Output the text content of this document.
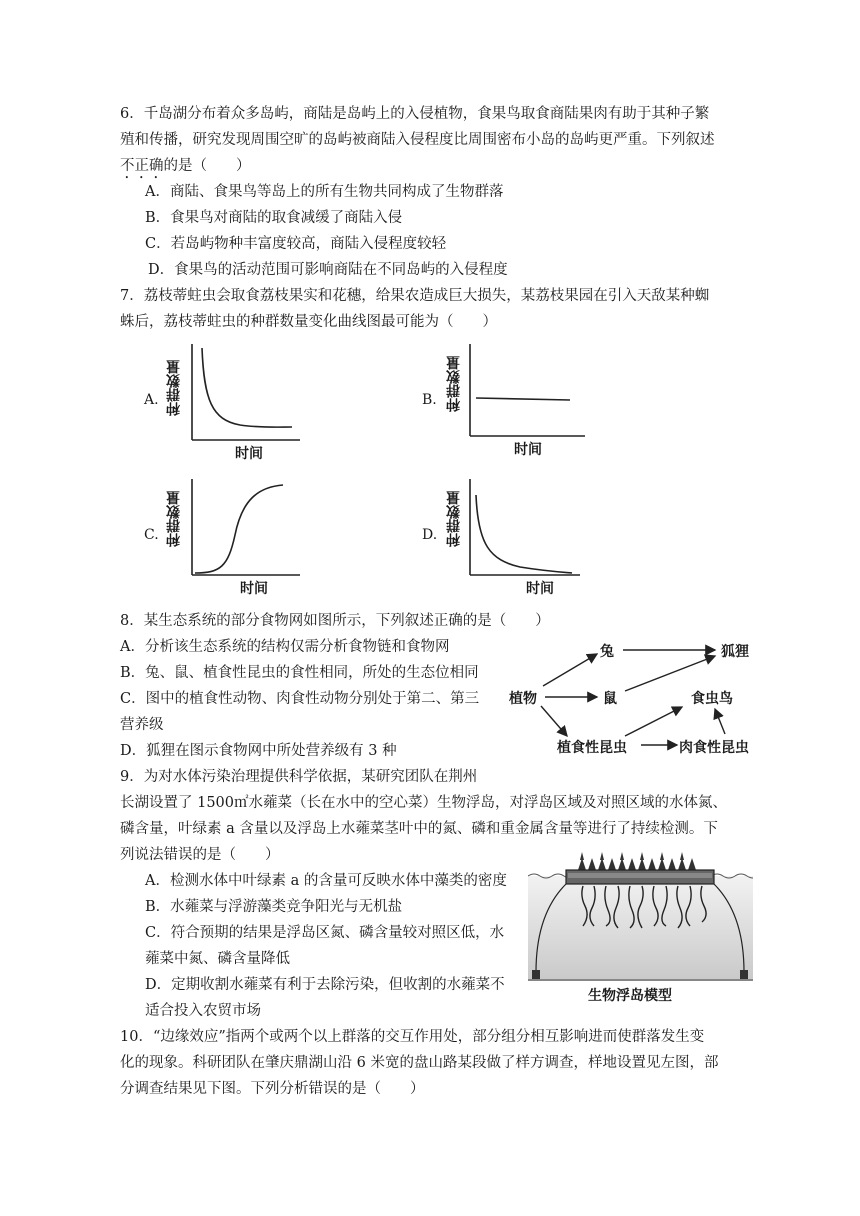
6．千岛湖分布着众多岛屿，商陆是岛屿上的入侵植物，食果鸟取食商陆果肉有助于其种子繁
殖和传播，研究发现周围空旷的岛屿被商陆入侵程度比周围密布小岛的岛屿更严重。下列叙述
不正确的是（　　）
A．商陆、食果鸟等岛上的所有生物共同构成了生物群落
B．食果鸟对商陆的取食减缓了商陆入侵
C．若岛屿物种丰富度较高，商陆入侵程度较轻
D．食果鸟的活动范围可影响商陆在不同岛屿的入侵程度
7．荔枝蒂蛀虫会取食荔枝果实和花穗，给果农造成巨大损失，某荔枝果园在引入天敌某种蜘
蛛后，荔枝蒂蛀虫的种群数量变化曲线图最可能为（　　）
A. 种群数量
时间
B. 种群数量
时间
C. 种群数量
时间
D. 种群数量
时间
8．某生态系统的部分食物网如图所示，下列叙述正确的是（　　）
A．分析该生态系统的结构仅需分析食物链和食物网
B．兔、鼠、植食性昆虫的食性相同，所处的生态位相同
C．图中的植食性动物、肉食性动物分别处于第二、第三
营养级
D．狐狸在图示食物网中所处营养级有 3 种
植物
兔
鼠
植食性昆虫
狐狸
食虫鸟
肉食性昆虫
9．为对水体污染治理提供科学依据，某研究团队在荆州
长湖设置了 1500㎡水蕹菜（长在水中的空心菜）生物浮岛，对浮岛区域及对照区域的水体氮、
磷含量，叶绿素 a 含量以及浮岛上水蕹菜茎叶中的氮、磷和重金属含量等进行了持续检测。下
列说法错误的是（　　）
A．检测水体中叶绿素 a 的含量可反映水体中藻类的密度
B．水蕹菜与浮游藻类竞争阳光与无机盐
C．符合预期的结果是浮岛区氮、磷含量较对照区低，水
蕹菜中氮、磷含量降低
D．定期收割水蕹菜有利于去除污染，但收割的水蕹菜不
适合投入农贸市场
生物浮岛模型
10．“边缘效应”指两个或两个以上群落的交互作用处，部分组分相互影响进而使群落发生变
化的现象。科研团队在肇庆鼎湖山沿 6 米宽的盘山路某段做了样方调查，样地设置见左图，部
分调查结果见下图。下列分析错误的是（　　）
